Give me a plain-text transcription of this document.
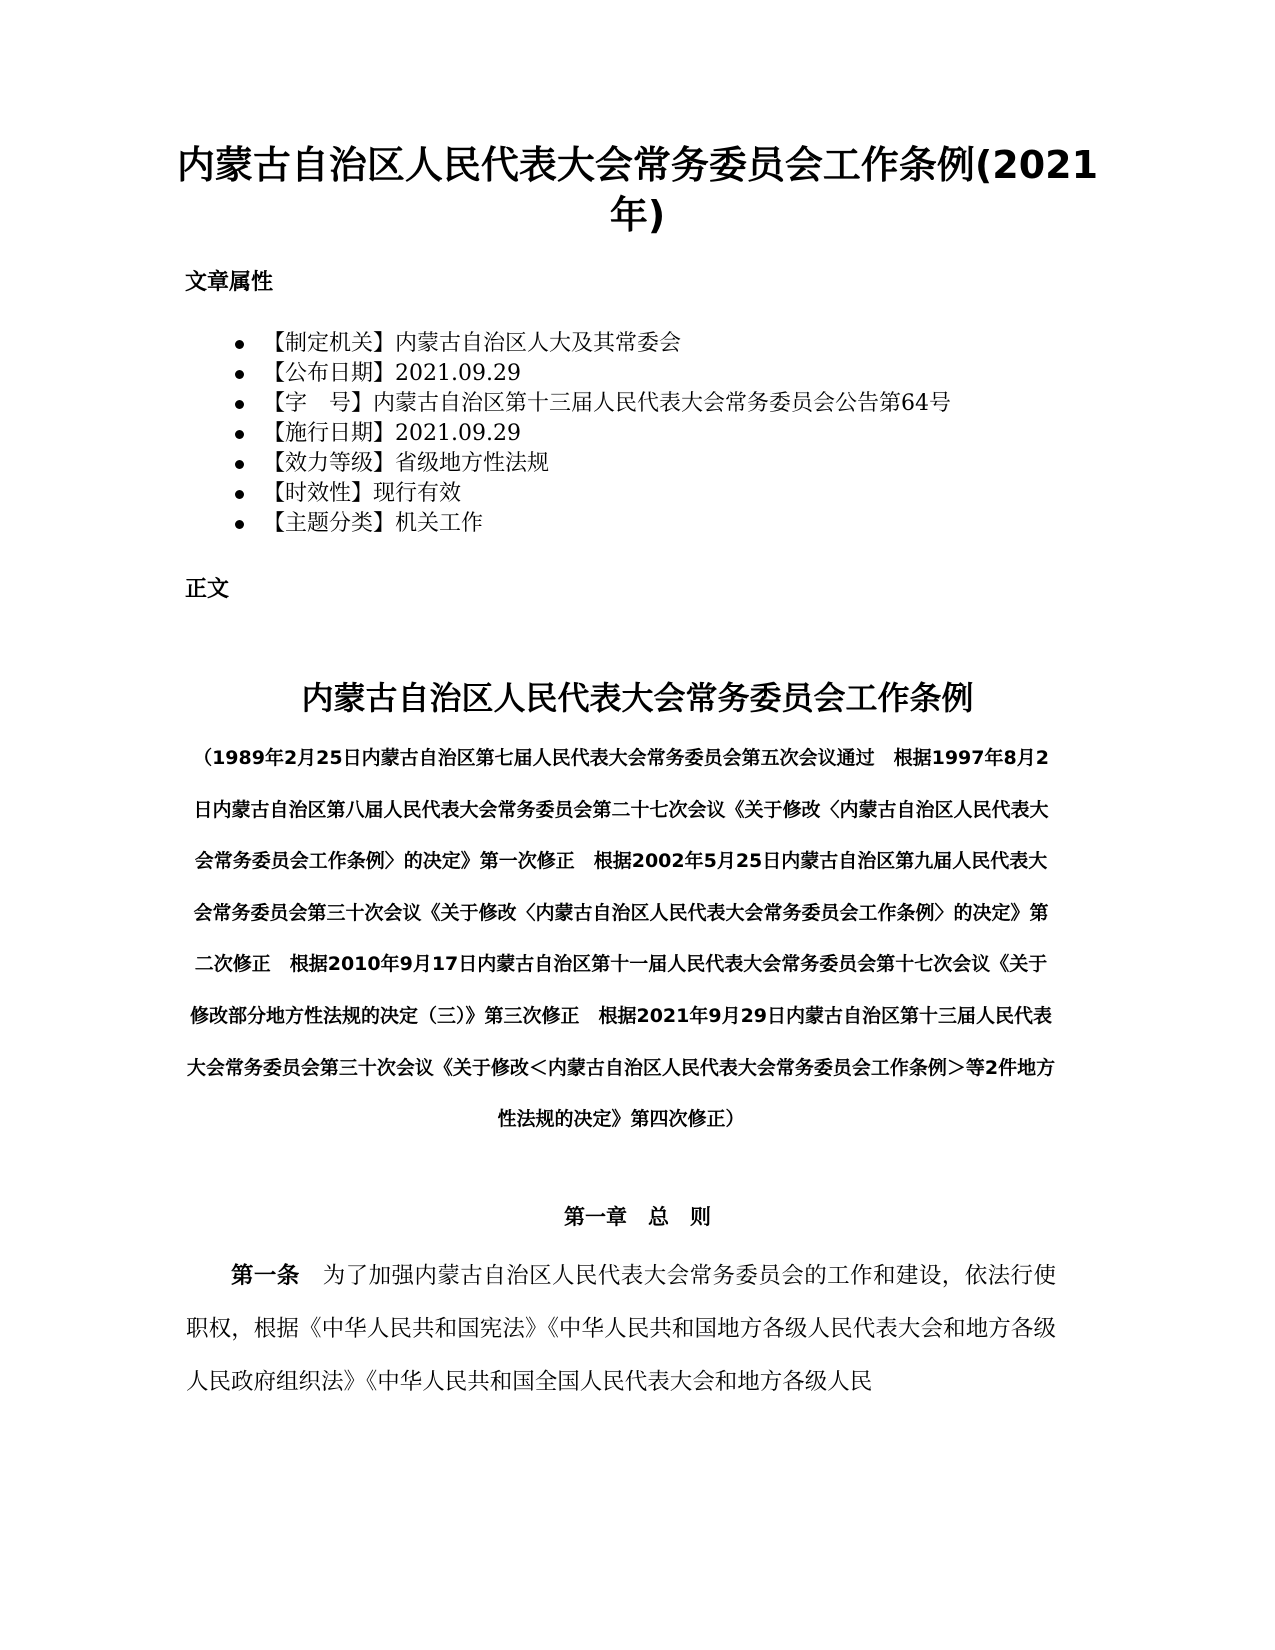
内蒙古自治区人民代表大会常务委员会工作条例(2021年)
文章属性
【制定机关】内蒙古自治区人大及其常委会
【公布日期】2021.09.29
【字　号】内蒙古自治区第十三届人民代表大会常务委员会公告第64号
【施行日期】2021.09.29
【效力等级】省级地方性法规
【时效性】现行有效
【主题分类】机关工作
正文
内蒙古自治区人民代表大会常务委员会工作条例

（1989年2月25日内蒙古自治区第七届人民代表大会常务委员会第五次会议通过　根据1997年8月2日内蒙古自治区第八届人民代表大会常务委员会第二十七次会议《关于修改〈内蒙古自治区人民代表大会常务委员会工作条例〉的决定》第一次修正　根据2002年5月25日内蒙古自治区第九届人民代表大会常务委员会第三十次会议《关于修改〈内蒙古自治区人民代表大会常务委员会工作条例〉的决定》第二次修正　根据2010年9月17日内蒙古自治区第十一届人民代表大会常务委员会第十七次会议《关于修改部分地方性法规的决定（三）》第三次修正　根据2021年9月29日内蒙古自治区第十三届人民代表大会常务委员会第三十次会议《关于修改＜内蒙古自治区人民代表大会常务委员会工作条例＞等2件地方性法规的决定》第四次修正）

第一章　总　则

第一条　为了加强内蒙古自治区人民代表大会常务委员会的工作和建设，依法行使职权，根据《中华人民共和国宪法》《中华人民共和国地方各级人民代表大会和地方各级人民政府组织法》《中华人民共和国全国人民代表大会和地方各级人民
